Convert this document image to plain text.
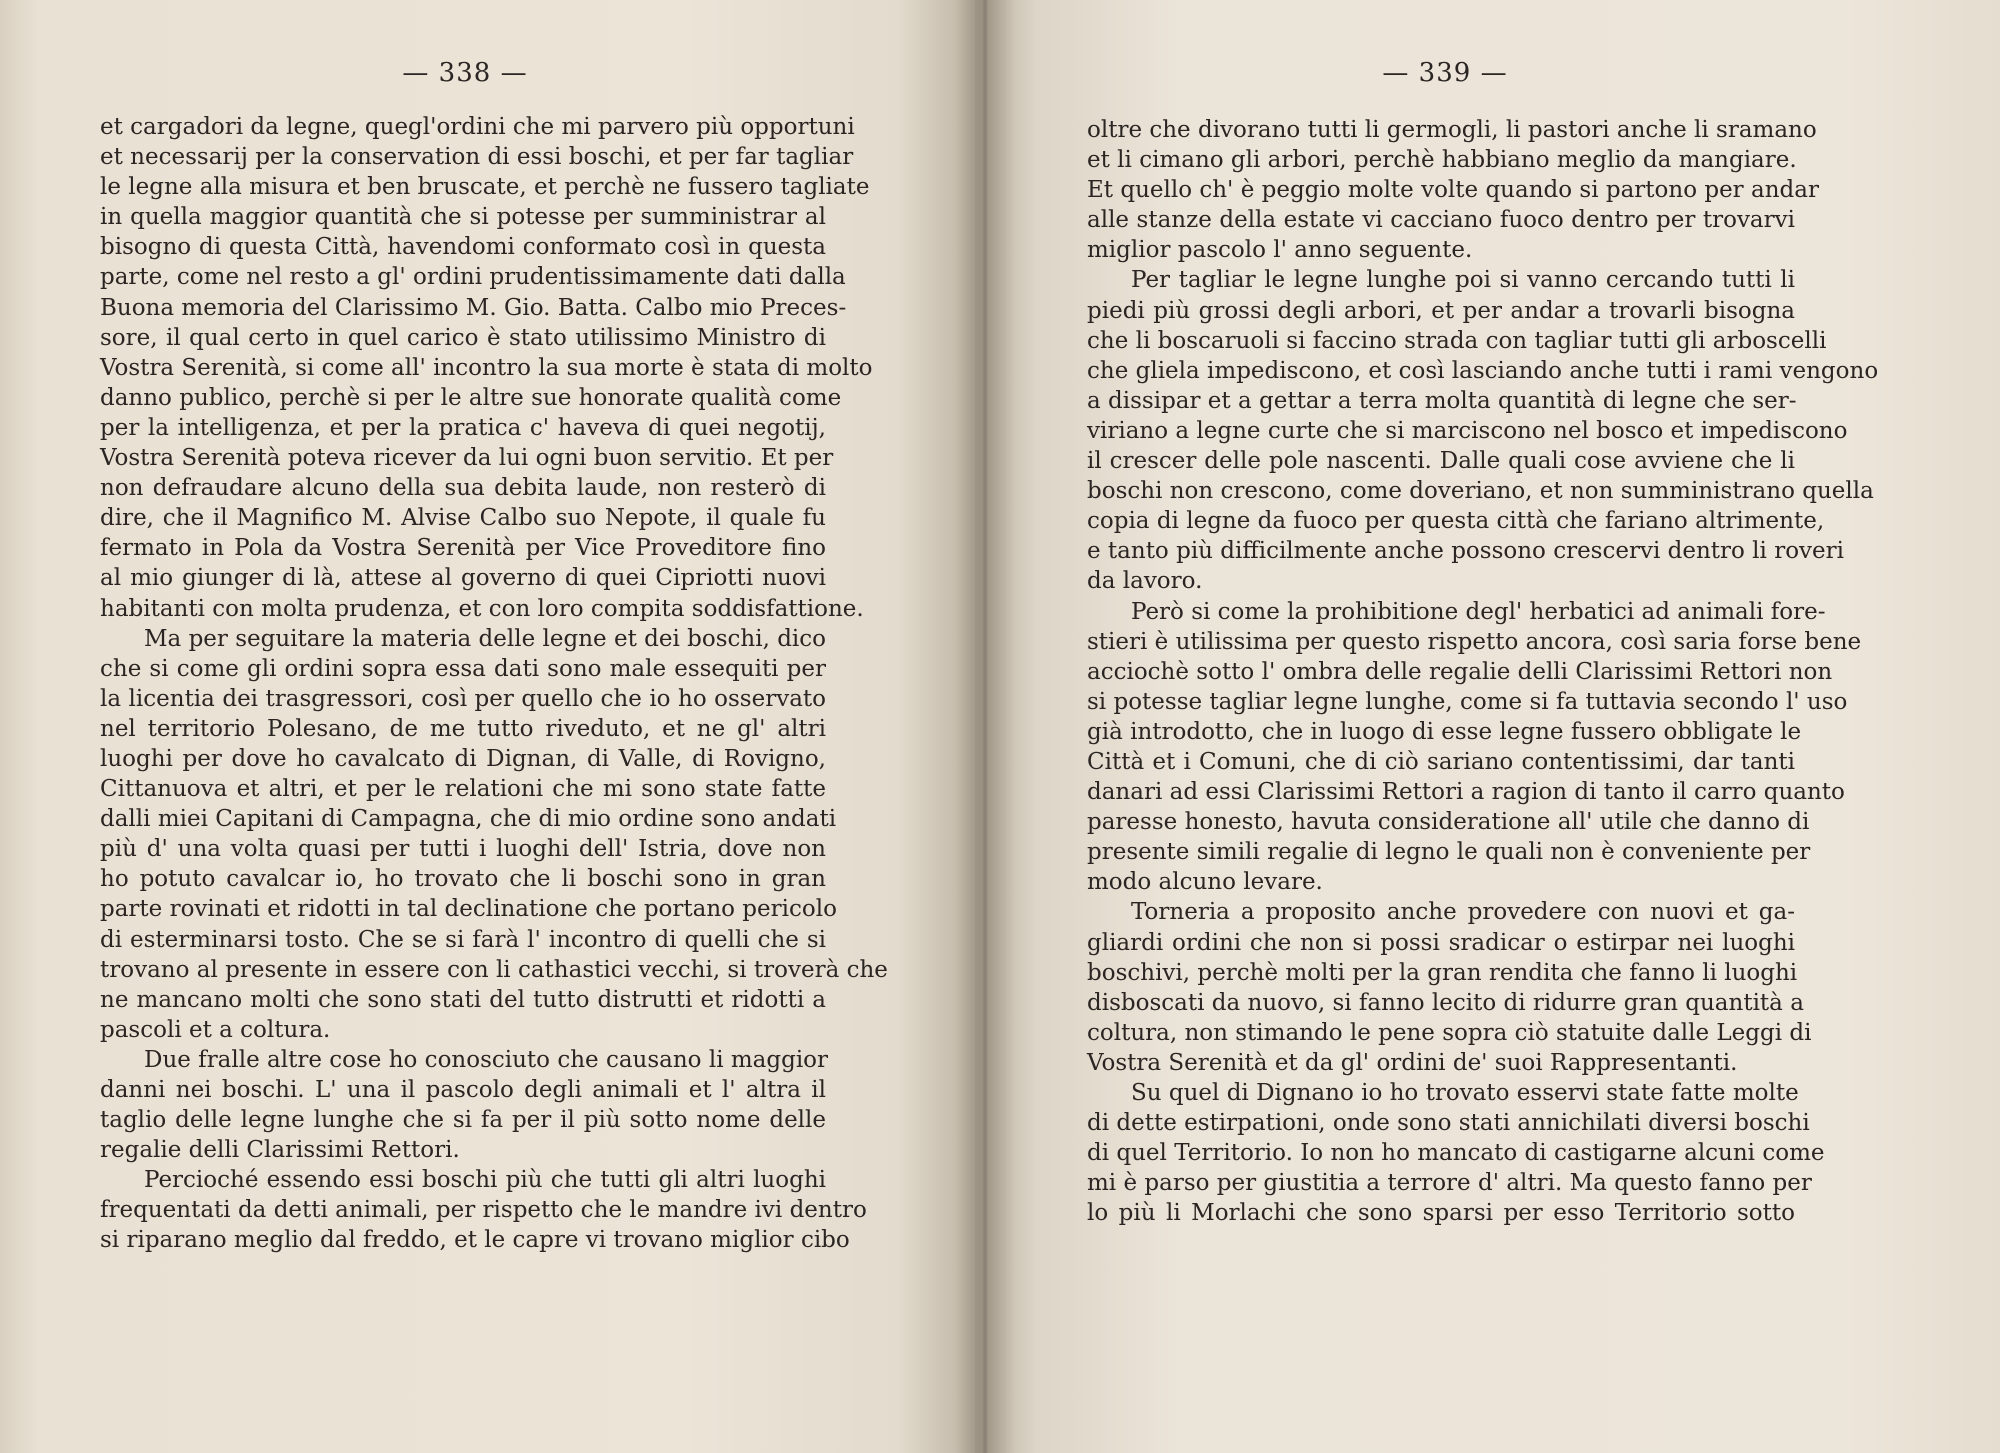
— 338 —
et cargadori da legne, quegl'ordini che mi parvero più opportuni
et necessarij per la conservation di essi boschi, et per far tagliar
le legne alla misura et ben bruscate, et perchè ne fussero tagliate
in quella maggior quantità che si potesse per sumministrar al
bisogno di questa Città, havendomi conformato così in questa
parte, come nel resto a gl' ordini prudentissimamente dati dalla
Buona memoria del Clarissimo M. Gio. Batta. Calbo mio Preces-
sore, il qual certo in quel carico è stato utilissimo Ministro di
Vostra Serenità, si come all' incontro la sua morte è stata di molto
danno publico, perchè si per le altre sue honorate qualità come
per la intelligenza, et per la pratica c' haveva di quei negotij,
Vostra Serenità poteva ricever da lui ogni buon servitio. Et per
non defraudare alcuno della sua debita laude, non resterò di
dire, che il Magnifico M. Alvise Calbo suo Nepote, il quale fu
fermato in Pola da Vostra Serenità per Vice Proveditore fino
al mio giunger di là, attese al governo di quei Cipriotti nuovi
habitanti con molta prudenza, et con loro compita soddisfattione.
Ma per seguitare la materia delle legne et dei boschi, dico
che si come gli ordini sopra essa dati sono male essequiti per
la licentia dei trasgressori, così per quello che io ho osservato
nel territorio Polesano, de me tutto riveduto, et ne gl' altri
luoghi per dove ho cavalcato di Dignan, di Valle, di Rovigno,
Cittanuova et altri, et per le relationi che mi sono state fatte
dalli miei Capitani di Campagna, che di mio ordine sono andati
più d' una volta quasi per tutti i luoghi dell' Istria, dove non
ho potuto cavalcar io, ho trovato che li boschi sono in gran
parte rovinati et ridotti in tal declinatione che portano pericolo
di esterminarsi tosto. Che se si farà l' incontro di quelli che si
trovano al presente in essere con li cathastici vecchi, si troverà che
ne mancano molti che sono stati del tutto distrutti et ridotti a
pascoli et a coltura.
Due fralle altre cose ho conosciuto che causano li maggior
danni nei boschi. L' una il pascolo degli animali et l' altra il
taglio delle legne lunghe che si fa per il più sotto nome delle
regalie delli Clarissimi Rettori.
Percioché essendo essi boschi più che tutti gli altri luoghi
frequentati da detti animali, per rispetto che le mandre ivi dentro
si riparano meglio dal freddo, et le capre vi trovano miglior cibo
— 339 —
oltre che divorano tutti li germogli, li pastori anche li sramano
et li cimano gli arbori, perchè habbiano meglio da mangiare.
Et quello ch' è peggio molte volte quando si partono per andar
alle stanze della estate vi cacciano fuoco dentro per trovarvi
miglior pascolo l' anno seguente.
Per tagliar le legne lunghe poi si vanno cercando tutti li
piedi più grossi degli arbori, et per andar a trovarli bisogna
che li boscaruoli si faccino strada con tagliar tutti gli arboscelli
che gliela impediscono, et così lasciando anche tutti i rami vengono
a dissipar et a gettar a terra molta quantità di legne che ser-
viriano a legne curte che si marciscono nel bosco et impediscono
il crescer delle pole nascenti. Dalle quali cose avviene che li
boschi non crescono, come doveriano, et non sumministrano quella
copia di legne da fuoco per questa città che fariano altrimente,
e tanto più difficilmente anche possono crescervi dentro li roveri
da lavoro.
Però si come la prohibitione degl' herbatici ad animali fore-
stieri è utilissima per questo rispetto ancora, così saria forse bene
acciochè sotto l' ombra delle regalie delli Clarissimi Rettori non
si potesse tagliar legne lunghe, come si fa tuttavia secondo l' uso
già introdotto, che in luogo di esse legne fussero obbligate le
Città et i Comuni, che di ciò sariano contentissimi, dar tanti
danari ad essi Clarissimi Rettori a ragion di tanto il carro quanto
paresse honesto, havuta consideratione all' utile che danno di
presente simili regalie di legno le quali non è conveniente per
modo alcuno levare.
Torneria a proposito anche provedere con nuovi et ga-
gliardi ordini che non si possi sradicar o estirpar nei luoghi
boschivi, perchè molti per la gran rendita che fanno li luoghi
disboscati da nuovo, si fanno lecito di ridurre gran quantità a
coltura, non stimando le pene sopra ciò statuite dalle Leggi di
Vostra Serenità et da gl' ordini de' suoi Rappresentanti.
Su quel di Dignano io ho trovato esservi state fatte molte
di dette estirpationi, onde sono stati annichilati diversi boschi
di quel Territorio. Io non ho mancato di castigarne alcuni come
mi è parso per giustitia a terrore d' altri. Ma questo fanno per
lo più li Morlachi che sono sparsi per esso Territorio sotto
